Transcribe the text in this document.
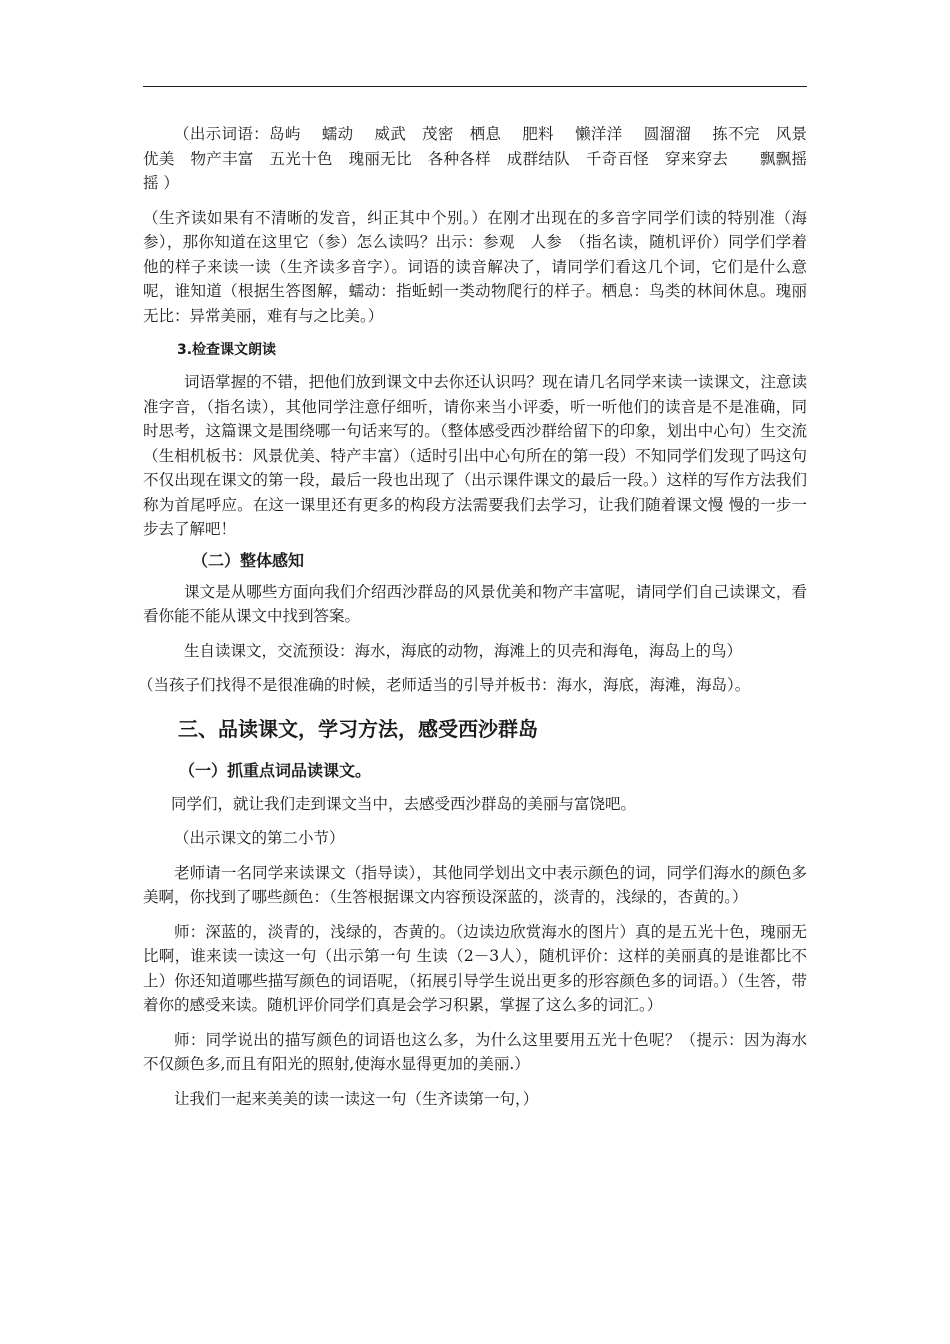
（出示词语：岛屿　 蠕动　 威武　茂密　栖息　 肥料　 懒洋洋　 圆溜溜　 拣不完　风景优美　物产丰富　五光十色　瑰丽无比　各种各样　成群结队　千奇百怪　穿来穿去　　飘飘摇摇 ）

（生齐读如果有不清晰的发音，纠正其中个别。）在刚才出现在的多音字同学们读的特别准（海参），那你知道在这里它（参）怎么读吗？出示：参观　人参　（指名读，随机评价）同学们学着他的样子来读一读（生齐读多音字）。词语的读音解决了，请同学们看这几个词，它们是什么意呢，谁知道（根据生答图解，蠕动：指蚯蚓一类动物爬行的样子。栖息：鸟类的林间休息。瑰丽无比：异常美丽，难有与之比美。）

3.检查课文朗读

词语掌握的不错，把他们放到课文中去你还认识吗？现在请几名同学来读一读课文，注意读准字音，（指名读），其他同学注意仔细听，请你来当小评委，听一听他们的读音是不是准确，同时思考，这篇课文是围绕哪一句话来写的。（整体感受西沙群给留下的印象，划出中心句）生交流（生相机板书：风景优美、特产丰富）（适时引出中心句所在的第一段）不知同学们发现了吗这句不仅出现在课文的第一段，最后一段也出现了（出示课件课文的最后一段。）这样的写作方法我们称为首尾呼应。在这一课里还有更多的构段方法需要我们去学习，让我们随着课文慢 慢的一步一步去了解吧！

（二）整体感知

课文是从哪些方面向我们介绍西沙群岛的风景优美和物产丰富呢，请同学们自己读课文，看看你能不能从课文中找到答案。

生自读课文，交流预设：海水，海底的动物，海滩上的贝壳和海龟，海岛上的鸟）

（当孩子们找得不是很准确的时候，老师适当的引导并板书：海水，海底，海滩，海岛）。

三、品读课文，学习方法，感受西沙群岛

（一）抓重点词品读课文。

同学们，就让我们走到课文当中，去感受西沙群岛的美丽与富饶吧。

（出示课文的第二小节）

老师请一名同学来读课文（指导读），其他同学划出文中表示颜色的词，同学们海水的颜色多美啊，你找到了哪些颜色：（生答根据课文内容预设深蓝的，淡青的，浅绿的，杏黄的。）

师：深蓝的，淡青的，浅绿的，杏黄的。（边读边欣赏海水的图片）真的是五光十色，瑰丽无比啊，谁来读一读这一句（出示第一句 生读（2－3人），随机评价：这样的美丽真的是谁都比不上）你还知道哪些描写颜色的词语呢，（拓展引导学生说出更多的形容颜色多的词语。）（生答，带着你的感受来读。随机评价同学们真是会学习积累，掌握了这么多的词汇。）

师：同学说出的描写颜色的词语也这么多，为什么这里要用五光十色呢？（提示：因为海水不仅颜色多,而且有阳光的照射,使海水显得更加的美丽.）

让我们一起来美美的读一读这一句（生齐读第一句，）
